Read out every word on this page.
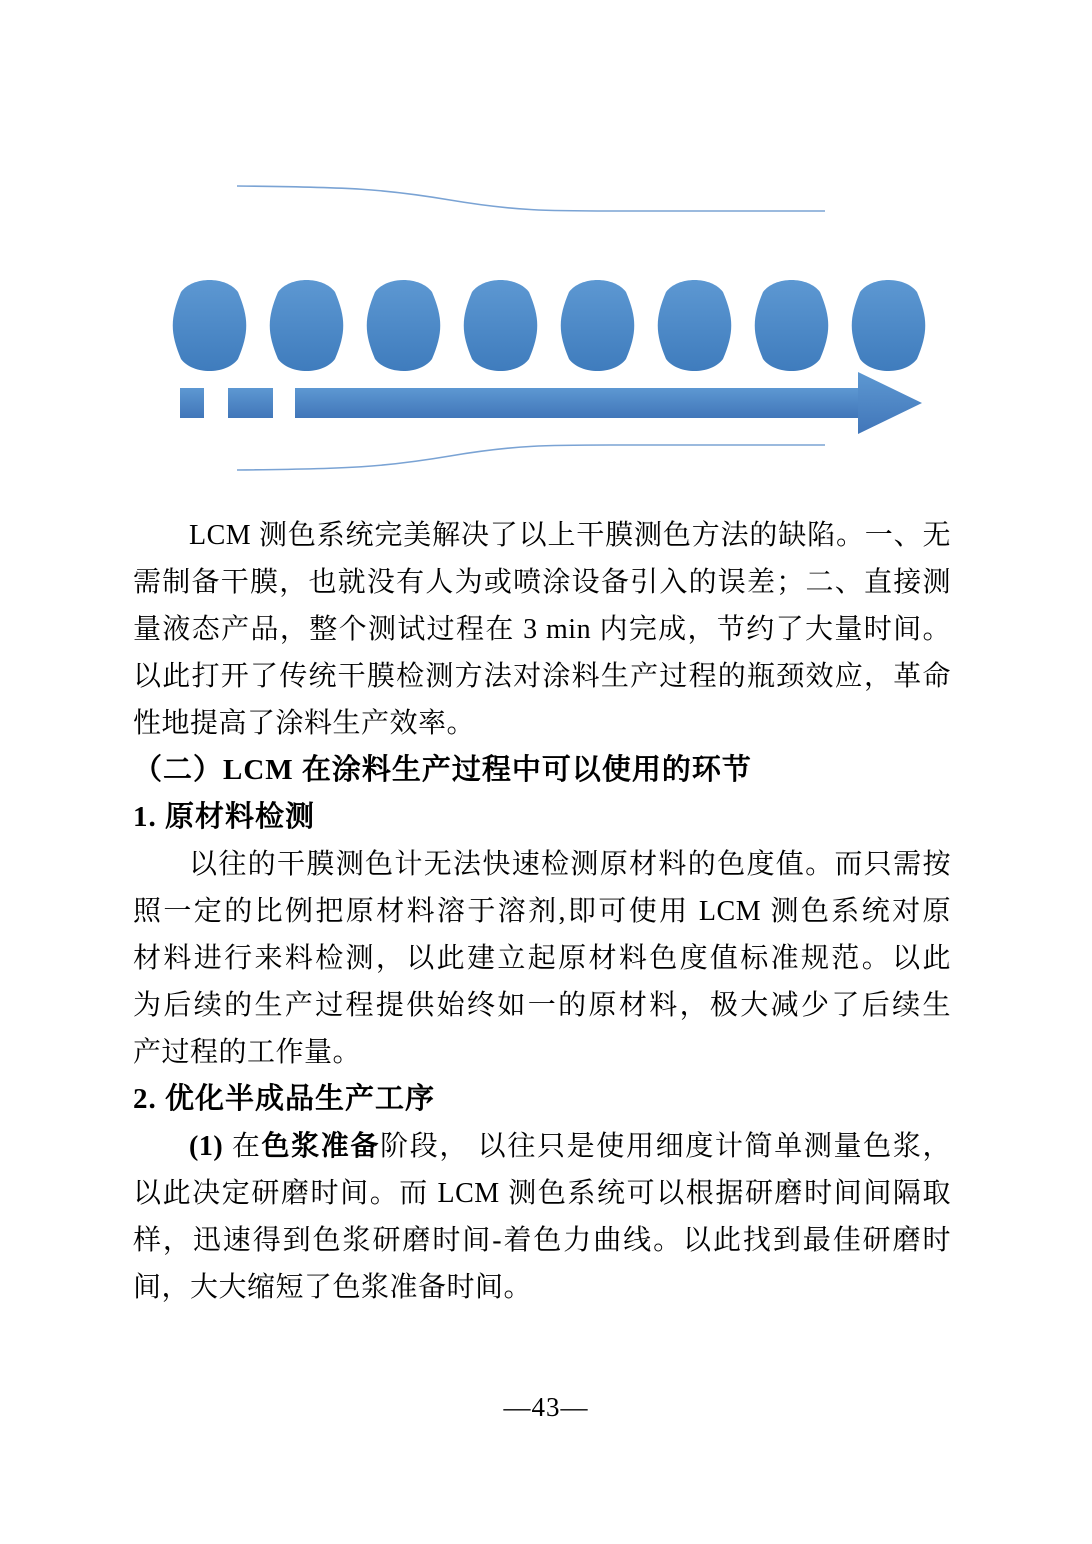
LCM 测色系统完美解决了以上干膜测色方法的缺陷。一、无
需制备干膜，也就没有人为或喷涂设备引入的误差；二、直接测
量液态产品，整个测试过程在 3 min 内完成，节约了大量时间。
以此打开了传统干膜检测方法对涂料生产过程的瓶颈效应，革命
性地提高了涂料生产效率。
（二）LCM 在涂料生产过程中可以使用的环节
1. 原材料检测
以往的干膜测色计无法快速检测原材料的色度值。而只需按
照一定的比例把原材料溶于溶剂,即可使用 LCM 测色系统对原
材料进行来料检测，以此建立起原材料色度值标准规范。以此
为后续的生产过程提供始终如一的原材料，极大减少了后续生
产过程的工作量。
2. 优化半成品生产工序
(1) 在色浆准备阶段， 以往只是使用细度计简单测量色浆，
以此决定研磨时间。而 LCM 测色系统可以根据研磨时间间隔取
样，迅速得到色浆研磨时间-着色力曲线。以此找到最佳研磨时
间，大大缩短了色浆准备时间。
—43—
